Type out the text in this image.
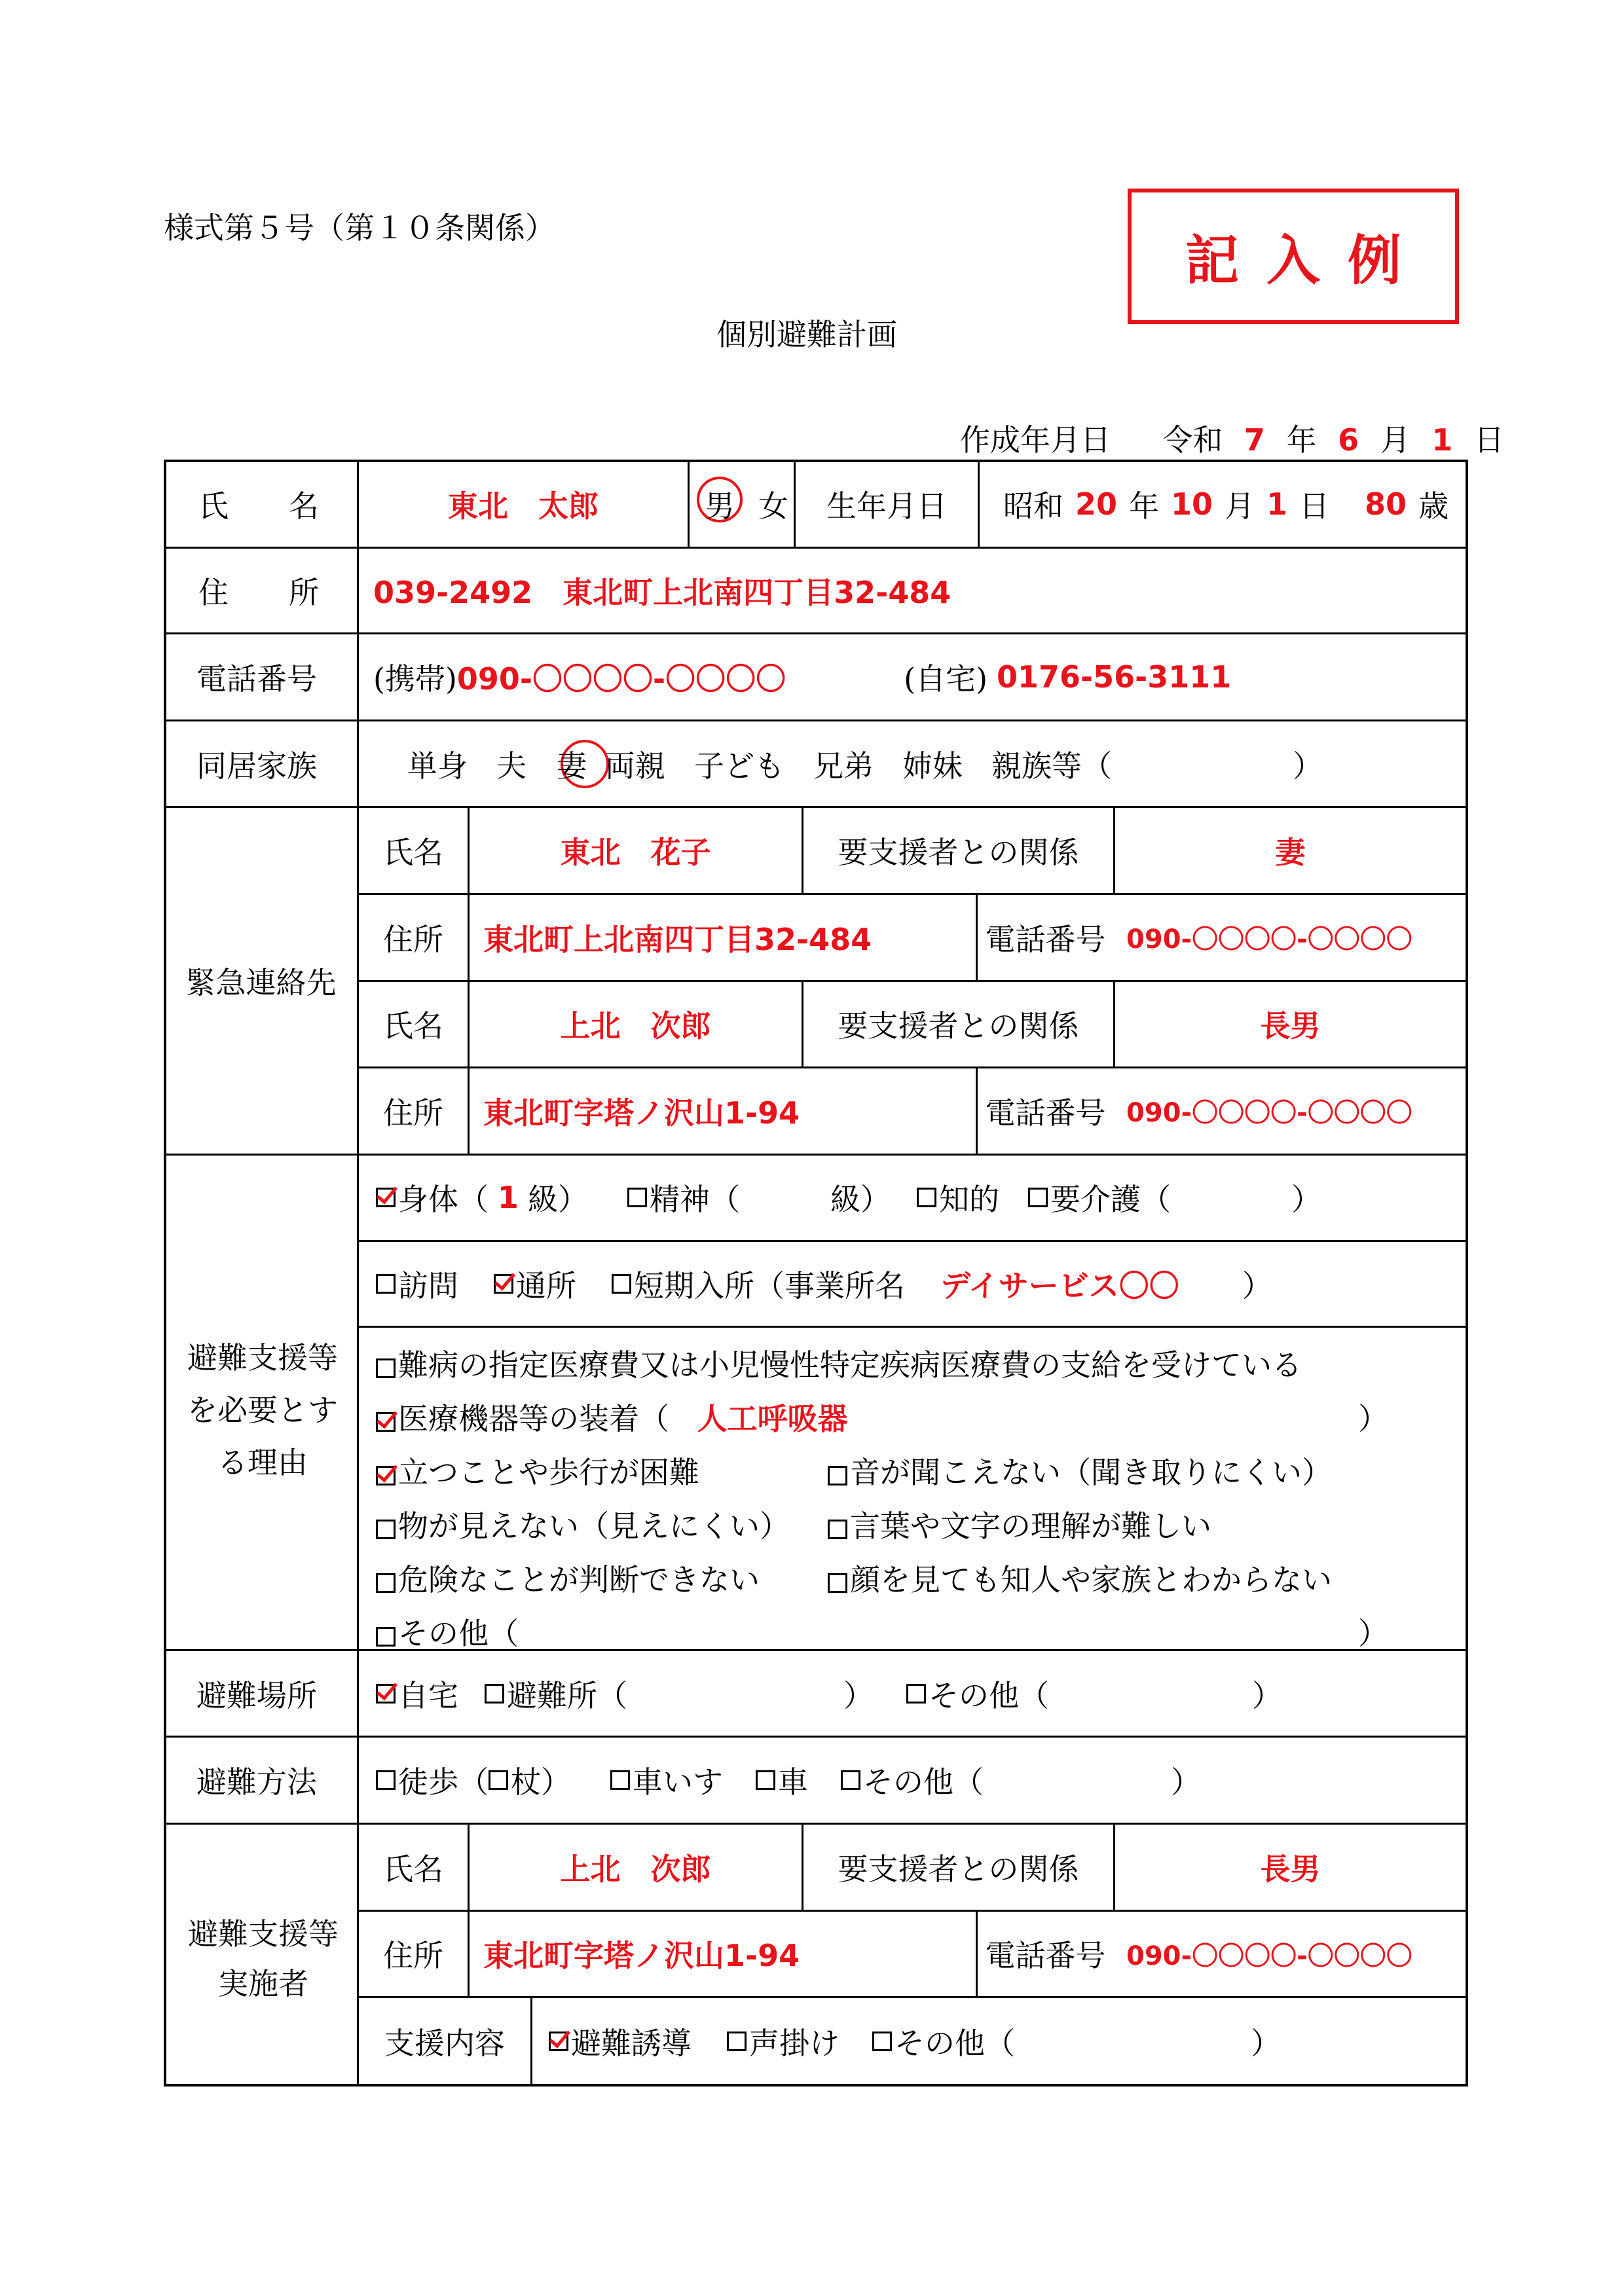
様式第５号（第１０条関係）
記入例
個別避難計画
作成年月日 令和 7 年 6 月 1 日
氏　　名	東北　太郎	男 女	生年月日	昭和 20 年 10 月 1 日 80 歳
住　　所 039-2492　東北町上北南四丁目32-484
電話番号 (携帯) 090-〇〇〇〇-〇〇〇〇	(自宅) 0176-56-3111
同居家族	単身 夫 妻 両親 子ども 兄弟 姉妹 親族等（　　　　　　）
緊急連絡先
氏名	東北　花子	要支援者との関係	妻
住所	東北町上北南四丁目32-484	電話番号 090-〇〇〇〇-〇〇〇〇
氏名	上北　次郎	要支援者との関係	長男
住所	東北町字塔ノ沢山1-94	電話番号 090-〇〇〇〇-〇〇〇〇
避難支援等
を必要とす
る理由
身体（ 1 級） 精神（　　　級） 知的 要介護（　　　　）
訪問 通所 短期入所（事業所名 デイサービス〇〇 ）
難病の指定医療費又は小児慢性特定疾病医療費の支給を受けている
医療機器等の装着（ 人工呼吸器	）
立つことや歩行が困難	音が聞こえない（聞き取りにくい）
物が見えない（見えにくい）	言葉や文字の理解が難しい
危険なことが判断できない	顔を見ても知人や家族とわからない
その他（	）
避難場所	自宅 避難所（	） その他（	）
避難方法	徒歩（ 杖） 車いす 車 その他（	）
避難支援等
実施者
氏名	上北　次郎	要支援者との関係	長男
住所	東北町字塔ノ沢山1-94	電話番号 090-〇〇〇〇-〇〇〇〇
支援内容	避難誘導 声掛け その他（	）
